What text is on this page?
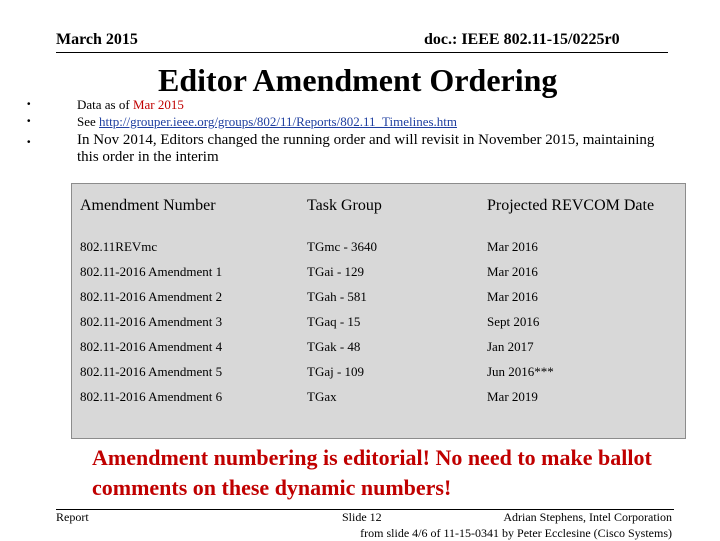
March 2015	doc.: IEEE 802.11-15/0225r0
Editor Amendment Ordering
•	Data as of Mar 2015
•	See http://grouper.ieee.org/groups/802/11/Reports/802.11_Timelines.htm
•	In Nov 2014, Editors changed the running order and will revisit in November 2015, maintaining this order in the interim
Amendment Number	Task Group	Projected REVCOM Date
802.11REVmc	TGmc - 3640	Mar 2016
802.11-2016 Amendment 1	TGai - 129	Mar 2016
802.11-2016 Amendment 2	TGah - 581	Mar 2016
802.11-2016 Amendment 3	TGaq - 15	Sept 2016
802.11-2016 Amendment 4	TGak - 48	Jan 2017
802.11-2016 Amendment 5	TGaj - 109	Jun 2016***
802.11-2016 Amendment 6	TGax	Mar 2019
Amendment numbering is editorial! No need to make ballot comments on these dynamic numbers!
Report	Slide 12	Adrian Stephens, Intel Corporation
from slide 4/6 of 11-15-0341 by Peter Ecclesine (Cisco Systems)
